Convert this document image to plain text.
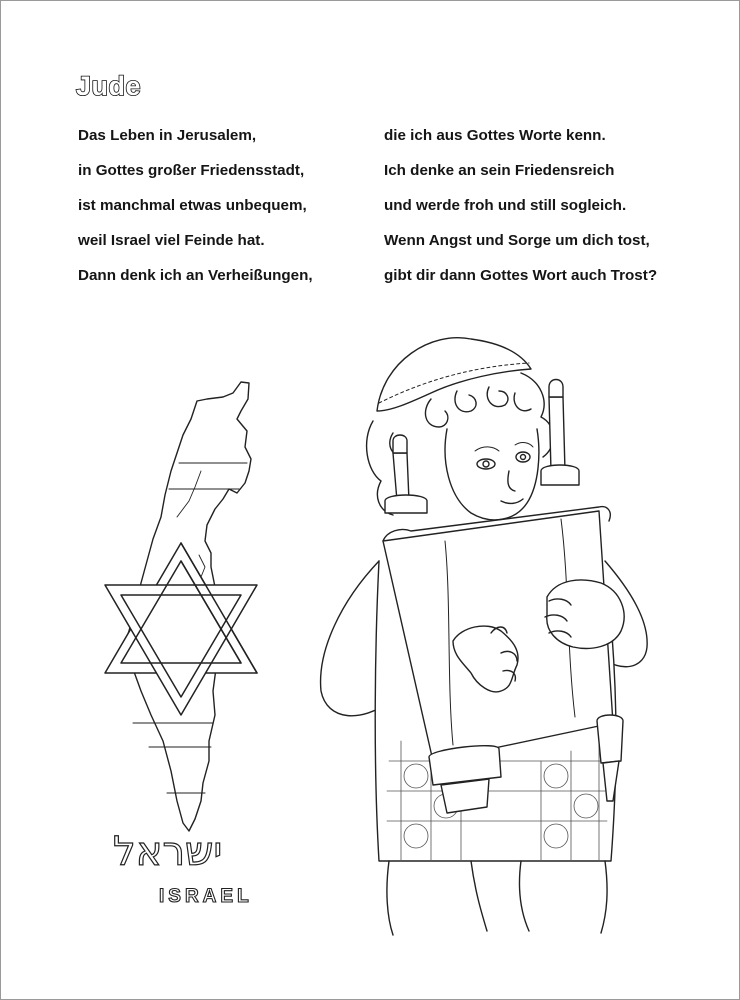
Jude
Das Leben in Jerusalem,
in Gottes großer Friedensstadt,
ist manchmal etwas unbequem,
weil Israel viel Feinde hat.
Dann denk ich an Verheißungen,
die ich aus Gottes Worte kenn.
Ich denke an sein Friedensreich
und werde froh und still sogleich.
Wenn Angst und Sorge um dich tost,
gibt dir dann Gottes Wort auch Trost?
ישראל
ISRAEL
